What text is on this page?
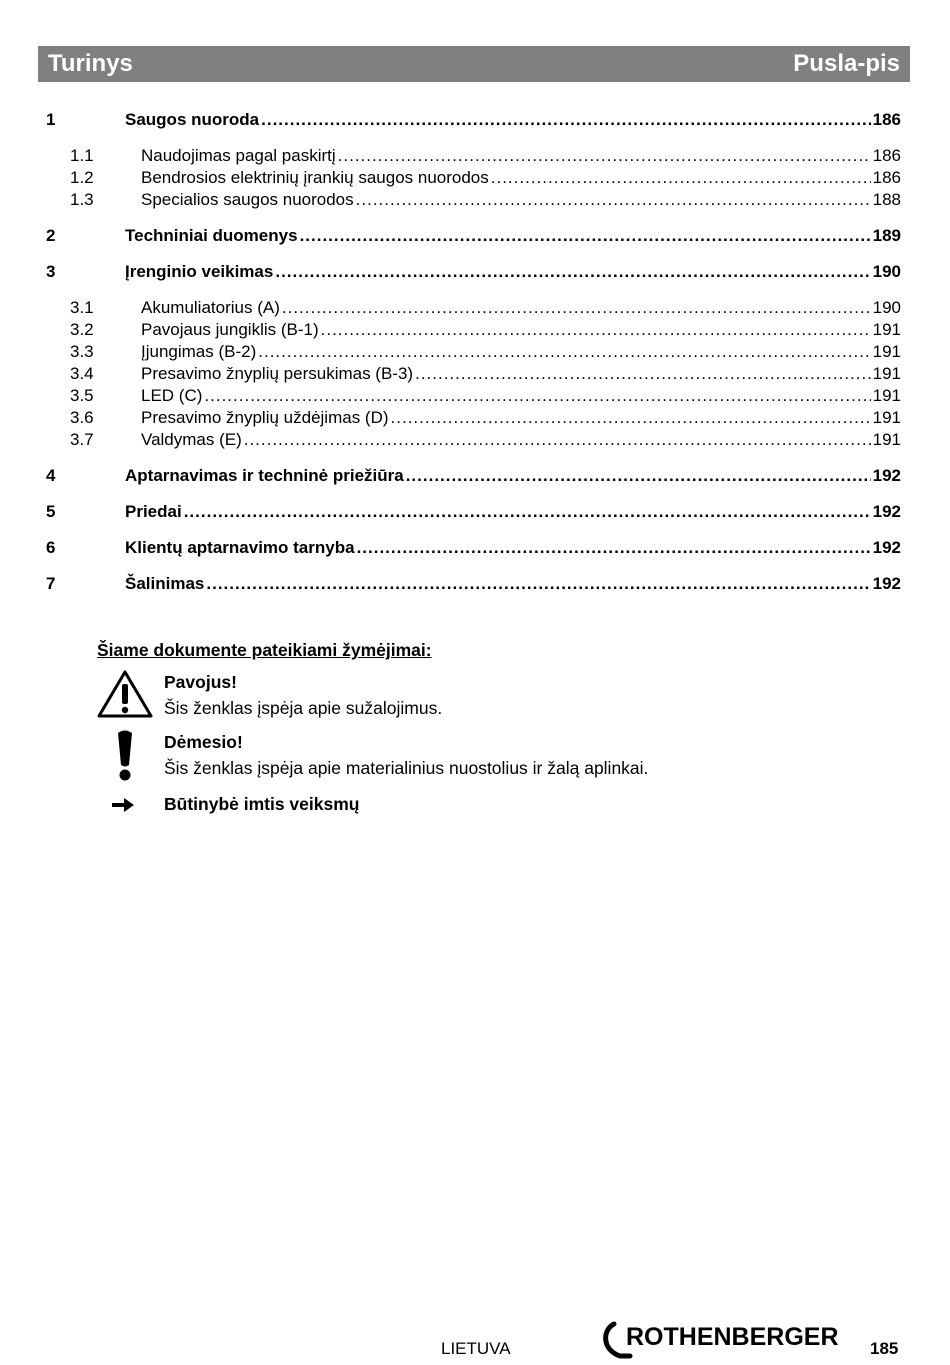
Turinys	Pusla-pis
1	Saugos nuoroda .....	186
1.1	Naudojimas pagal paskirtį .....	186
1.2	Bendrosios elektrinių įrankių saugos nuorodos .....	186
1.3	Specialios saugos nuorodos .....	188
2	Techniniai duomenys .....	189
3	Įrenginio veikimas .....	190
3.1	Akumuliatorius (A) .....	190
3.2	Pavojaus jungiklis (B-1) .....	191
3.3	Įjungimas (B-2) .....	191
3.4	Presavimo žnyplių persukimas (B-3) .....	191
3.5	LED (C) .....	191
3.6	Presavimo žnyplių uždėjimas (D) .....	191
3.7	Valdymas (E) .....	191
4	Aptarnavimas ir techninė priežiūra .....	192
5	Priedai .....	192
6	Klientų aptarnavimo tarnyba .....	192
7	Šalinimas .....	192
Šiame dokumente pateikiami žymėjimai:
Pavojus!
Šis ženklas įspėja apie sužalojimus.
Dėmesio!
Šis ženklas įspėja apie materialinius nuostolius ir žalą aplinkai.
Būtinybė imtis veiksmų
LIETUVA	ROTHENBERGER 185
